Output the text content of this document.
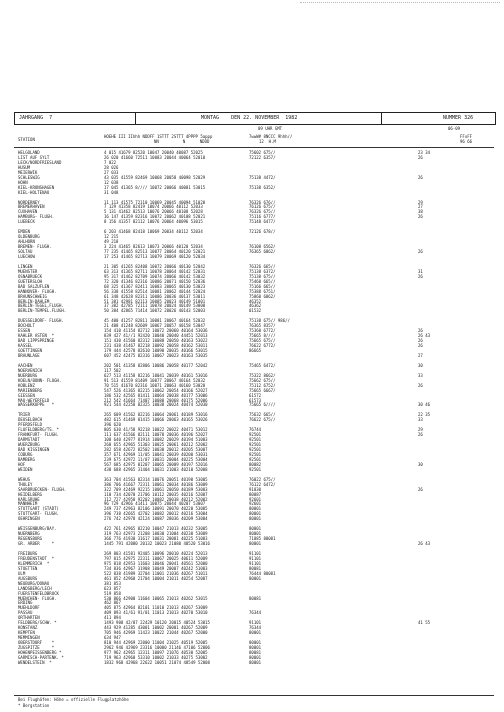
JAHRGANG  7	MONTAG    DEN 22. NOVEMBER  1982	NUMMER 326
09 UHR GMT	06-09
STATION
HOEHE III IIhhh NDDFF 1STTT 2STTT 4PPPP 5appp
NN          N      NDDD
7wwW# 8NCCC 9hhh//
12  H.M
FFxFF
96 66
HELGOLAND	4 015 41679 82520 10047 20040 40087 52025	75602 675//	23 34
LIST AUF SYLT	26 020 41660 72511 10083 20044 40064 52010	72122 6357/	26
LECK/NORDFRIESLAND	7 022
HUSUM	28 026
MEIERWIK	27 033
SCHLESWIG	43 035 41559 82469 10068 20058 40098 52029	75138 4472/	26
HOHN	12 038
KIEL-KRONSHAGEN	17 045 41365 8//// 10072 20066 40081 53015	75138 6352/
KIEL-HOLTENAU	31 048
NORDERNEY	11 113 41575 72110 10069 20045 40094 51020	76326 676//	29
BREMERHAVEN	7 129 41358 82419 10074 20066 40112 52033	76126 675//	27
CUXHAVEN	5 131 41462 82513 10076 20066 40108 52028	76326 675//	38
HAMBURG- FLUGH.	16 147 41359 82316 10072 20062 40108 52021	75116 6777/	26
LUEBECK	8 156 41357 82112 10076 20064 40096 53015	75148 6477/
EMDEN	6 203 41468 82418 10069 20034 40112 52034	72126 678//
OLDENBURG	12 215
AHLHORN	49 218
BREMEN- FLUGH.	3 224 41465 82613 10073 20066 40120 52034	76108 6562/
SOLTAU	77 235 41465 82513 10077 20064 40120 52021	76365 6862/	26
LUECHOW	17 253 41465 82713 10079 20069 40120 52034
LINGEN	21 305 41265 82408 10072 20066 40130 52042	76326 665//
MUENSTER	63 313 41365 82711 10078 20064 40142 52031	75138 6372/	31
OSNABRUECK	95 317 41462 82709 10074 20066 40142 53032	75138 675//	26
GUETERSLOH	72 320 41346 82316 10086 20071 40150 52036	75460 665//
BAD SALZUFLEN	68 325 41367 82411 10083 20065 40130 53023	75166 665//
HANNOVER- FLUGH.	56 338 41558 82514 10081 20062 40144 52024	75388 6751/
BRAUNSCHWEIG	61 348 42628 82311 10086 20036 40137 53011	75860 6862/
BERLIN-DAHLEM	51 381 42981 82113 10085 20023 40149 51001	46352
BERLIN-TEGEL,FLUGH.	37 382 42785 72111 10078 20024 40149 53000	46362
BERLIN-TEMPEL.FLUGH.	50 384 42865 71414 10072 20026 40143 52003	01532
DUESSELDORF- FLUGH.	45 400 41257 82811 10081 20067 40164 52032	75138 675// 986//
BOCHOLT	21 408 41248 82609 10067 20057 40158 53047	76365 8357/
ESSEN	154 410 41154 82712 10072 20060 40164 53036	75360 6772/	26
KAHLER ASTEN  *	839 427 41//1 92420 10040 20040 44451 52013	75665 8////	26 43
BAD LIPPSPRINGE	151 430 41560 82312 10088 20050 40163 53022	75665 675//	26
KASSEL	231 438 41467 82218 10092 20058 40162 53011	76622 6772/	26
GOETTINGEN	179 444 42578 82610 10090 20035 40166 53015	86665
BRAUNLAGE	607 452 42475 82316 10067 20023 40163 53035	27
AACHEN	202 501 41358 82806 10086 20058 40177 52042	75465 6472/	30
NOERVENICH	117 502
NUERBURG	627 513 41158 82216 10041 20039 40161 53016	75322 8662/	33
KOELN/BONN- FLUGH.	91 513 41559 81409 10077 20067 40164 52032	75662 675//
KOBLENZ	70 515 41670 82316 10071 20063 40160 53028	75112 6752/	26
MARIENBERG	547 526 41365 82215 10062 20054 40166 52027	75665 6667/
GIESSEN	186 532 42565 81411 10064 20038 40177 53006	61572
MAU-WEYERFELD	212 542 41664 71407 10080 20068 40175 52006	61573
WASSERKUPPE   *	921 544 42258 82325 10038 20024 40474 52030	75665 6////	30 46
TRIER	265 609 41562 82216 10064 20061 40189 53016	75632 665//	22 35
DEUSELBACH	482 615 41469 81415 10066 20063 40165 53026	76622 675//	33
PFERDSFELD	396 620
FLUFELDBERG/TS. *	805 630 41/58 92218 10022 20022 40471 53012	76744	29
FRANKFURT- FLUGH.	111 637 41566 82111 10078 20036 40196 52027	92501	26
DARMSTADT	108 640 42977 81914 10082 20029 40194 51003	92501
WUERZBURG	268 655 42965 51303 10025 20061 40212 52002	92501
BAD KISSINGEN	282 658 42672 82502 10030 20012 40205 53007	92501
COBURG	357 671 42969 11/05 10041 20039 40200 53031	92501
BAMBERG	239 675 42972 11/07 10031 20004 40225 53004	92501
HOF	567 685 42975 01207 10065 20009 40197 52016	80082	30
WEIDEN	438 688 42965 31404 10031 21003 40210 52008	92501
WEHUS	363 704 41563 82314 10076 20051 40190 53005	76022 675//
THOLEY	386 706 41667 72311 10061 20034 40186 53009	76122 6472/
SAARBRUECKEN- FLUGH.	322 709 42469 92215 10061 20050 40189 53003	91830	26
HEIDELBERG	110 734 42070 21706 10112 20035 40216 52007	80087
KARLSRUHE	112 727 42958 92202 10082 20038 40212 52002	92601
MANNHEIM	96 729 42966 41411 10075 20044 40207 53007	92601
STUTTGART (STADT)	249 737 42963 82106 10091 20070 40220 53005	80001
STUTTGART- FLUGH.	396 738 42665 42702 10082 20012 40216 53004	80001
OEHRINGEN	276 742 42978 42124 10087 28036 40209 53004	80001
WEISSENBURG/BAY.	422 761 42965 82210 10047 21013 40232 53005	80001
NUERNBERG	319 763 42973 21208 10030 21004 40230 53009	80001
REGENSBURG	366 776 41930 31617 10031 20081 40225 51003	71885 80001
GR. ARBER     *	1445 791 42080 20132 10023 21080 40520 53016	80001	26 43
FREIBURG	269 803 41581 92405 10096 20010 40224 52013	91101
FREUDENSTADT  *	797 815 42975 22311 10067 20025 40611 52009	91101
KLEMMERICH  *	975 818 42953 11603 10046 20041 40561 52000	91101
STOETTEN	734 836 42967 31908 10049 20007 40242 51003	80081
ULM	522 838 41989 32704 11001 21036 40267 51011	76444 80001
AUGSBURG	461 852 42960 21704 10004 21011 40254 52007	80001
NEUBURG/DONAU	381 853
LANDSBERG/LECH	623 857
FUERSTENFELDBRUCK	519 858
MUENCHEN- FLUGH.	530 866 42900 11604 10065 21013 40262 53015	80081
ERDING	462 867
MUEHLDORF	405 875 42964 82101 11010 21013 40267 53009
PASSAU	409 893 41/61 91/01 11013 21013 40270 53010	76344
ORTHARTEN	411 894
FELDBERG/SCHW. *	1493 908 42/07 22429 10120 20015 40524 53015	91101	41 55
KONSTANZ	443 929 41285 43001 10002 20001 40267 52009	76344
KEMPTEN	705 946 42969 11423 10022 21044 40267 52000	80001
MEMMINGEN	634 947
OBERSTDORF    *	810 944 42969 22000 11004 21025 40519 52005	80001
ZUGSPITZE     *	2962 946 42969 23316 10000 21146 47106 52006	80001
HOHENPEISSENBERG *	977 962 42965 12311 10097 21076 40530 52005	80081
GARMISCH-PARTENK. *	719 963 42960 53310 10002 21033 40275 53002	80001
WENDELSTEIN  *	1832 968 42968 22622 10051 21074 48549 52008	80001
Bei Flughäfen: Höhe = offizielle Flugplatzhöhe
* Bergstation
